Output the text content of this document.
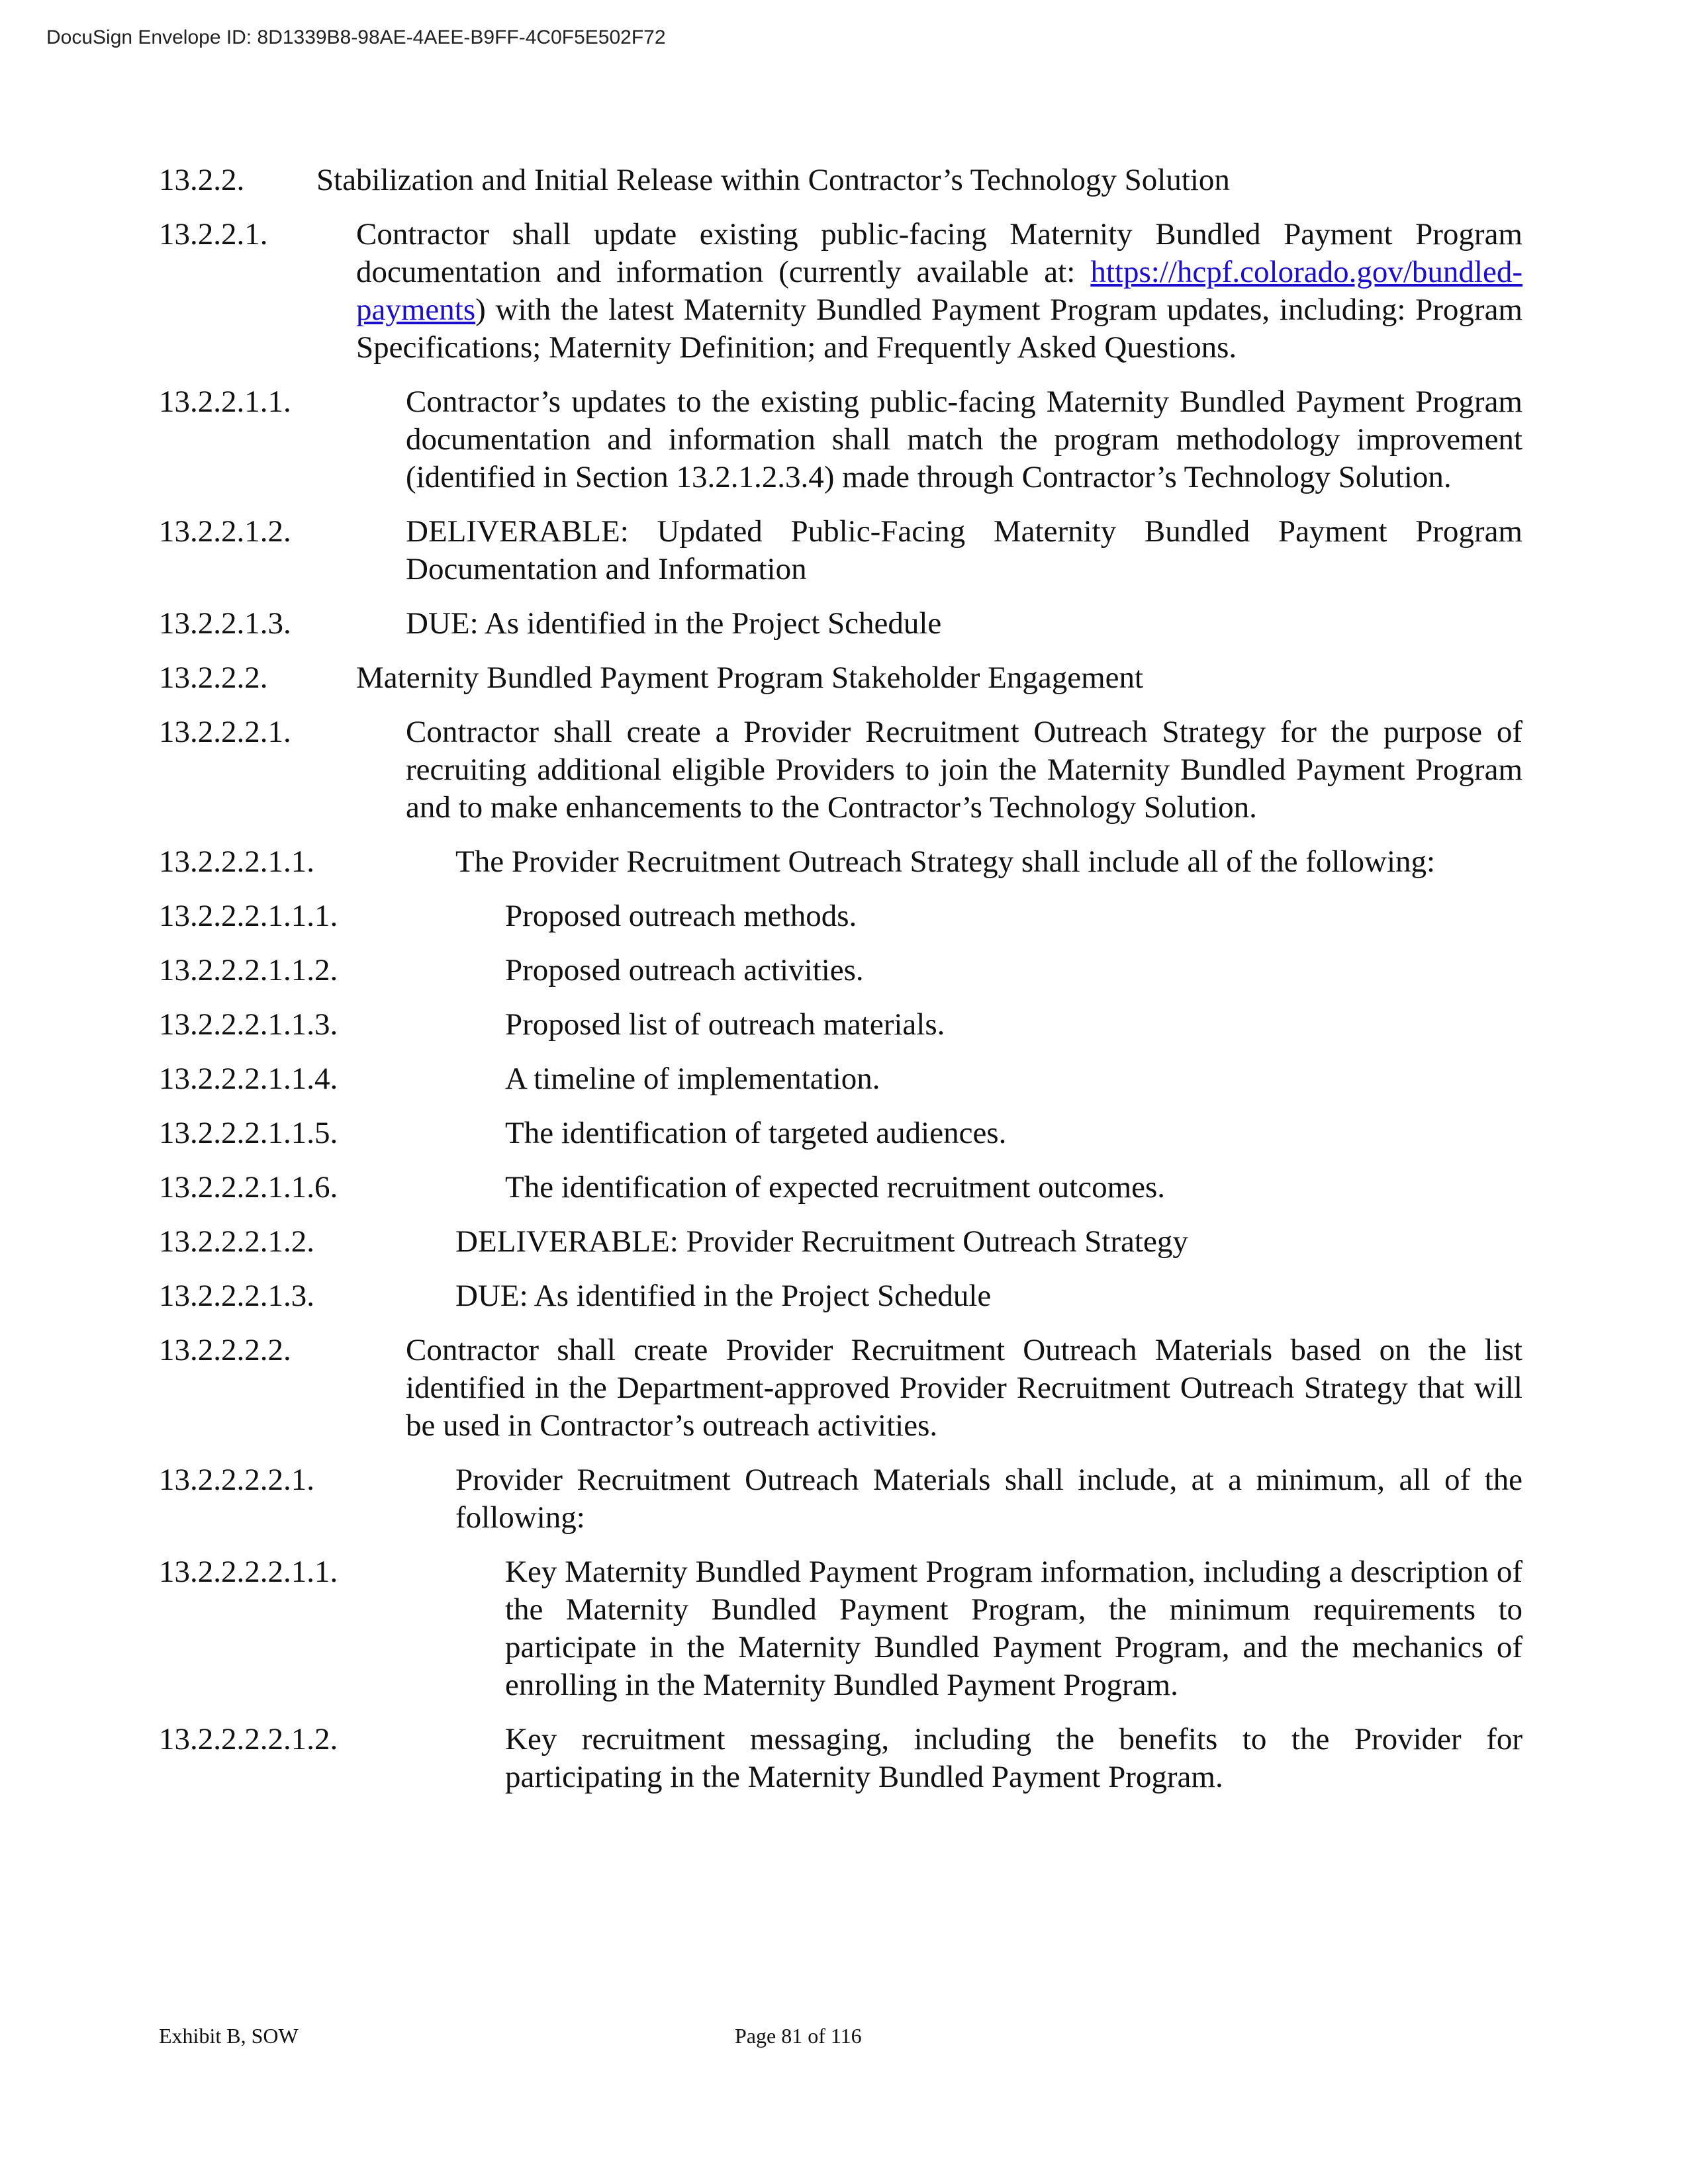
DocuSign Envelope ID: 8D1339B8-98AE-4AEE-B9FF-4C0F5E502F72
13.2.2. Stabilization and Initial Release within Contractor’s Technology Solution
13.2.2.1.	Contractor shall update existing public-facing Maternity Bundled Payment Program documentation and information (currently available at: https://hcpf.colorado.gov/bundled-payments) with the latest Maternity Bundled Payment Program updates, including: Program Specifications; Maternity Definition; and Frequently Asked Questions.
13.2.2.1.1.	Contractor’s updates to the existing public-facing Maternity Bundled Payment Program documentation and information shall match the program methodology improvement (identified in Section 13.2.1.2.3.4) made through Contractor’s Technology Solution.
13.2.2.1.2.	DELIVERABLE: Updated Public-Facing Maternity Bundled Payment Program Documentation and Information
13.2.2.1.3.	DUE: As identified in the Project Schedule
13.2.2.2.	Maternity Bundled Payment Program Stakeholder Engagement
13.2.2.2.1.	Contractor shall create a Provider Recruitment Outreach Strategy for the purpose of recruiting additional eligible Providers to join the Maternity Bundled Payment Program and to make enhancements to the Contractor’s Technology Solution.
13.2.2.2.1.1.	The Provider Recruitment Outreach Strategy shall include all of the following:
13.2.2.2.1.1.1.	Proposed outreach methods.
13.2.2.2.1.1.2.	Proposed outreach activities.
13.2.2.2.1.1.3.	Proposed list of outreach materials.
13.2.2.2.1.1.4.	A timeline of implementation.
13.2.2.2.1.1.5.	The identification of targeted audiences.
13.2.2.2.1.1.6.	The identification of expected recruitment outcomes.
13.2.2.2.1.2.	DELIVERABLE: Provider Recruitment Outreach Strategy
13.2.2.2.1.3.	DUE: As identified in the Project Schedule
13.2.2.2.2.	Contractor shall create Provider Recruitment Outreach Materials based on the list identified in the Department-approved Provider Recruitment Outreach Strategy that will be used in Contractor’s outreach activities.
13.2.2.2.2.1.	Provider Recruitment Outreach Materials shall include, at a minimum, all of the following:
13.2.2.2.2.1.1.	Key Maternity Bundled Payment Program information, including a description of the Maternity Bundled Payment Program, the minimum requirements to participate in the Maternity Bundled Payment Program, and the mechanics of enrolling in the Maternity Bundled Payment Program.
13.2.2.2.2.1.2.	Key recruitment messaging, including the benefits to the Provider for participating in the Maternity Bundled Payment Program.
Exhibit B, SOW	Page 81 of 116
